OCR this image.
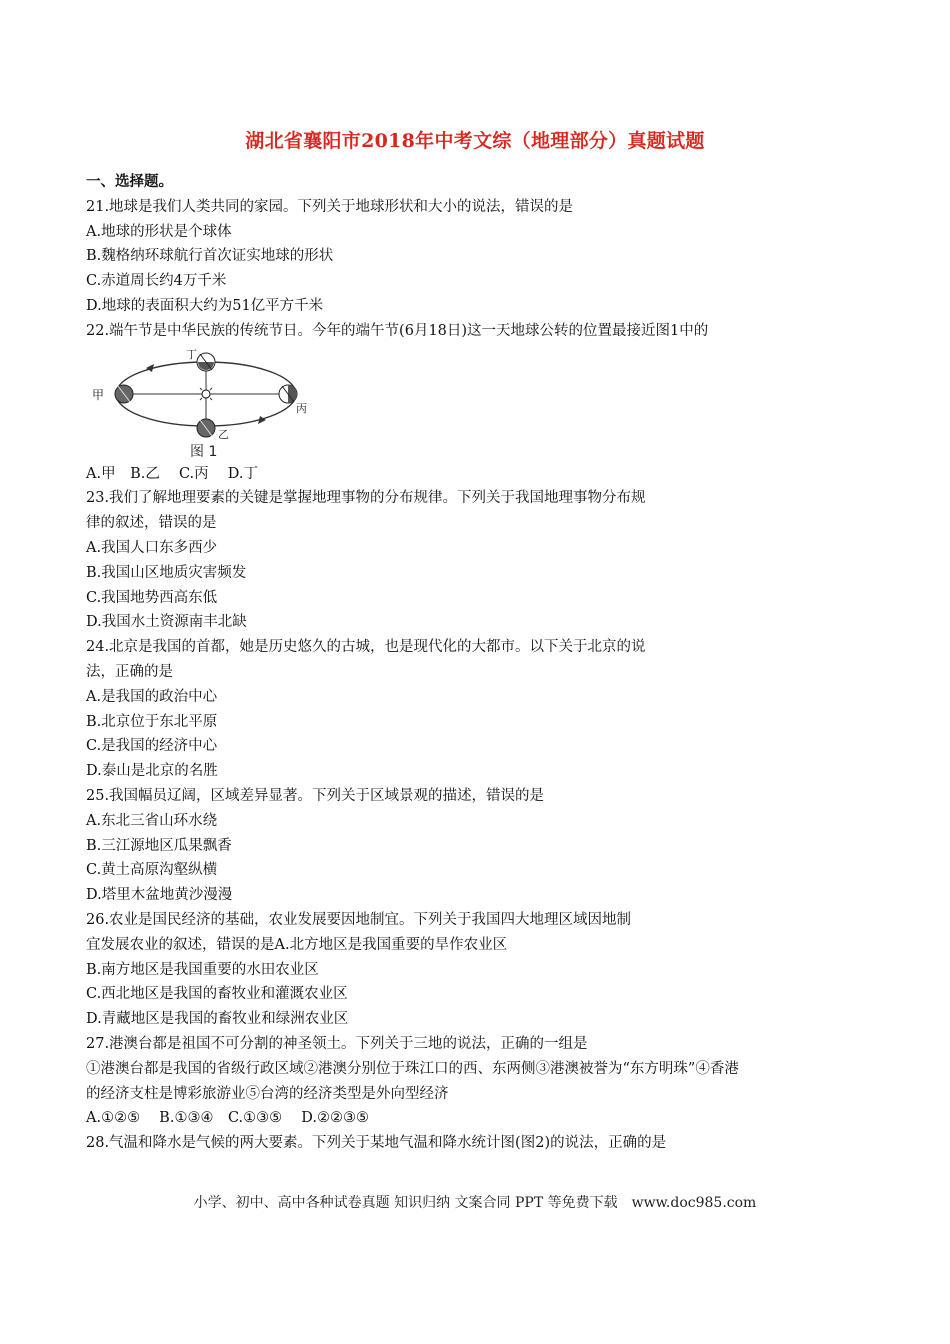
湖北省襄阳市2018年中考文综（地理部分）真题试题
一、选择题。
21.地球是我们人类共同的家园。下列关于地球形状和大小的说法，错误的是
A.地球的形状是个球体
B.魏格纳环球航行首次证实地球的形状
C.赤道周长约4万千米
D.地球的表面积大约为51亿平方千米
22.端午节是中华民族的传统节日。今年的端午节(6月18日)这一天地球公转的位置最接近图1中的
甲
丁
丙
乙
图 1
A.甲　B.乙　 C.丙　 D.丁
23.我们了解地理要素的关键是掌握地理事物的分布规律。下列关于我国地理事物分布规
律的叙述，错误的是
A.我国人口东多西少
B.我国山区地质灾害频发
C.我国地势西高东低
D.我国水土资源南丰北缺
24.北京是我国的首都，她是历史悠久的古城，也是现代化的大都市。以下关于北京的说
法，正确的是
A.是我国的政治中心
B.北京位于东北平原
C.是我国的经济中心
D.泰山是北京的名胜
25.我国幅员辽阔，区域差异显著。下列关于区域景观的描述，错误的是
A.东北三省山环水绕
B.三江源地区瓜果飘香
C.黄土高原沟壑纵横
D.塔里木盆地黄沙漫漫
26.农业是国民经济的基础，农业发展要因地制宜。下列关于我国四大地理区域因地制
宜发展农业的叙述，错误的是A.北方地区是我国重要的旱作农业区
B.南方地区是我国重要的水田农业区
C.西北地区是我国的畜牧业和灌溉农业区
D.青藏地区是我国的畜牧业和绿洲农业区
27.港澳台都是祖国不可分割的神圣领土。下列关于三地的说法，正确的一组是
①港澳台都是我国的省级行政区域②港澳分别位于珠江口的西、东两侧③港澳被誉为“东方明珠”④香港
的经济支柱是博彩旅游业⑤台湾的经济类型是外向型经济
A.①②⑤　 B.①③④　C.①③⑤　 D.②②③⑤
28.气温和降水是气候的两大要素。下列关于某地气温和降水统计图(图2)的说法，正确的是
小学、初中、高中各种试卷真题 知识归纳 文案合同 PPT 等免费下载　www.doc985.com
